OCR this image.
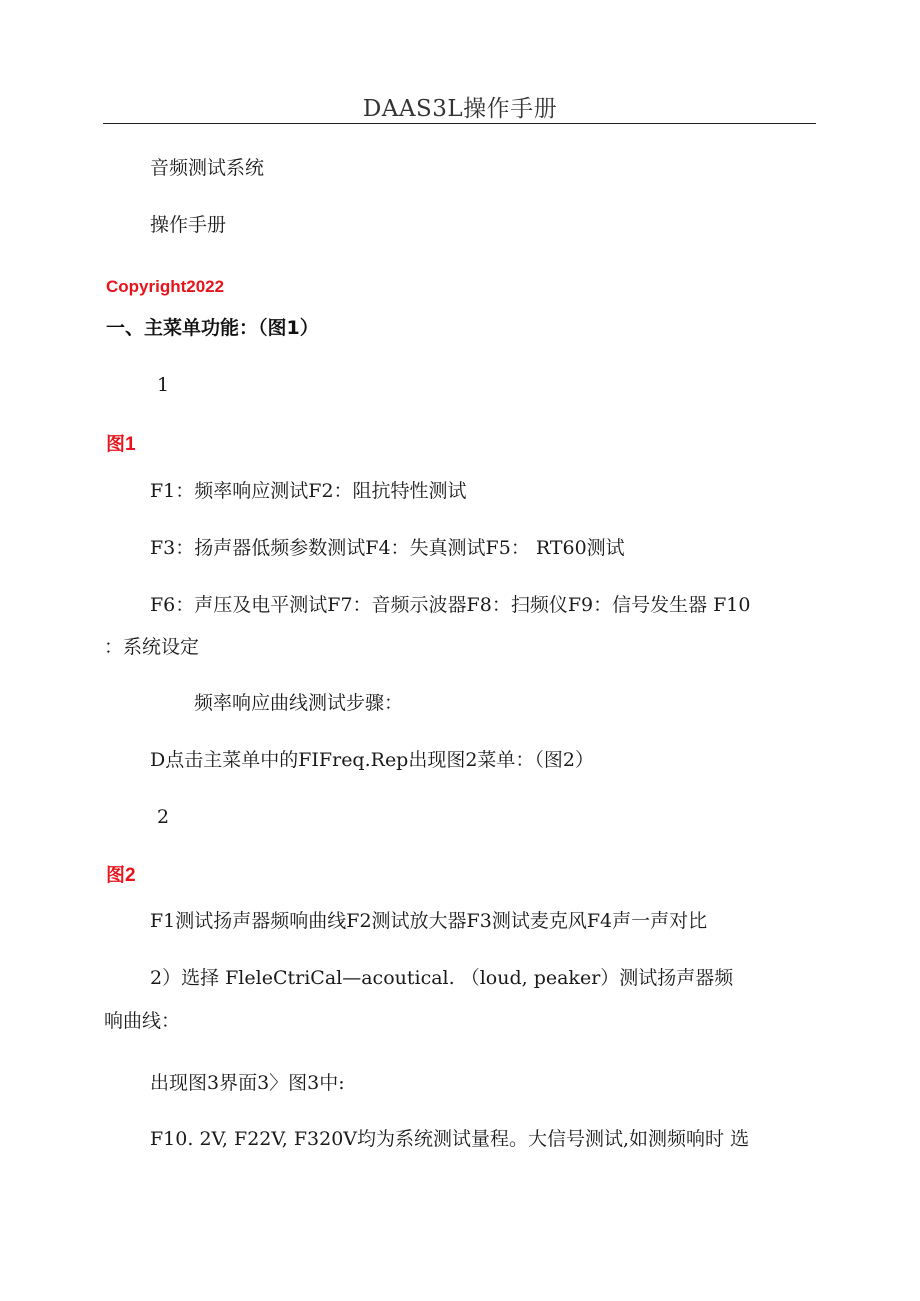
DAAS3L操作手册
音频测试系统
操作手册
Copyright2022
一、主菜单功能：（图1）
1
图1
F1：频率响应测试F2：阻抗特性测试
F3：扬声器低频参数测试F4：失真测试F5： RT60测试
F6：声压及电平测试F7：音频示波器F8：扫频仪F9：信号发生器 F10
：系统设定
频率响应曲线测试步骤：
D点击主菜单中的FIFreq.Rep出现图2菜单：（图2）
2
图2
F1测试扬声器频响曲线F2测试放大器F3测试麦克风F4声一声对比
2）选择 FleleCtriCal—acoutical. （loud, peaker）测试扬声器频
响曲线：
出现图3界面3〉图3中:
F10. 2V, F22V, F320V均为系统测试量程。大信号测试,如测频响时 选
